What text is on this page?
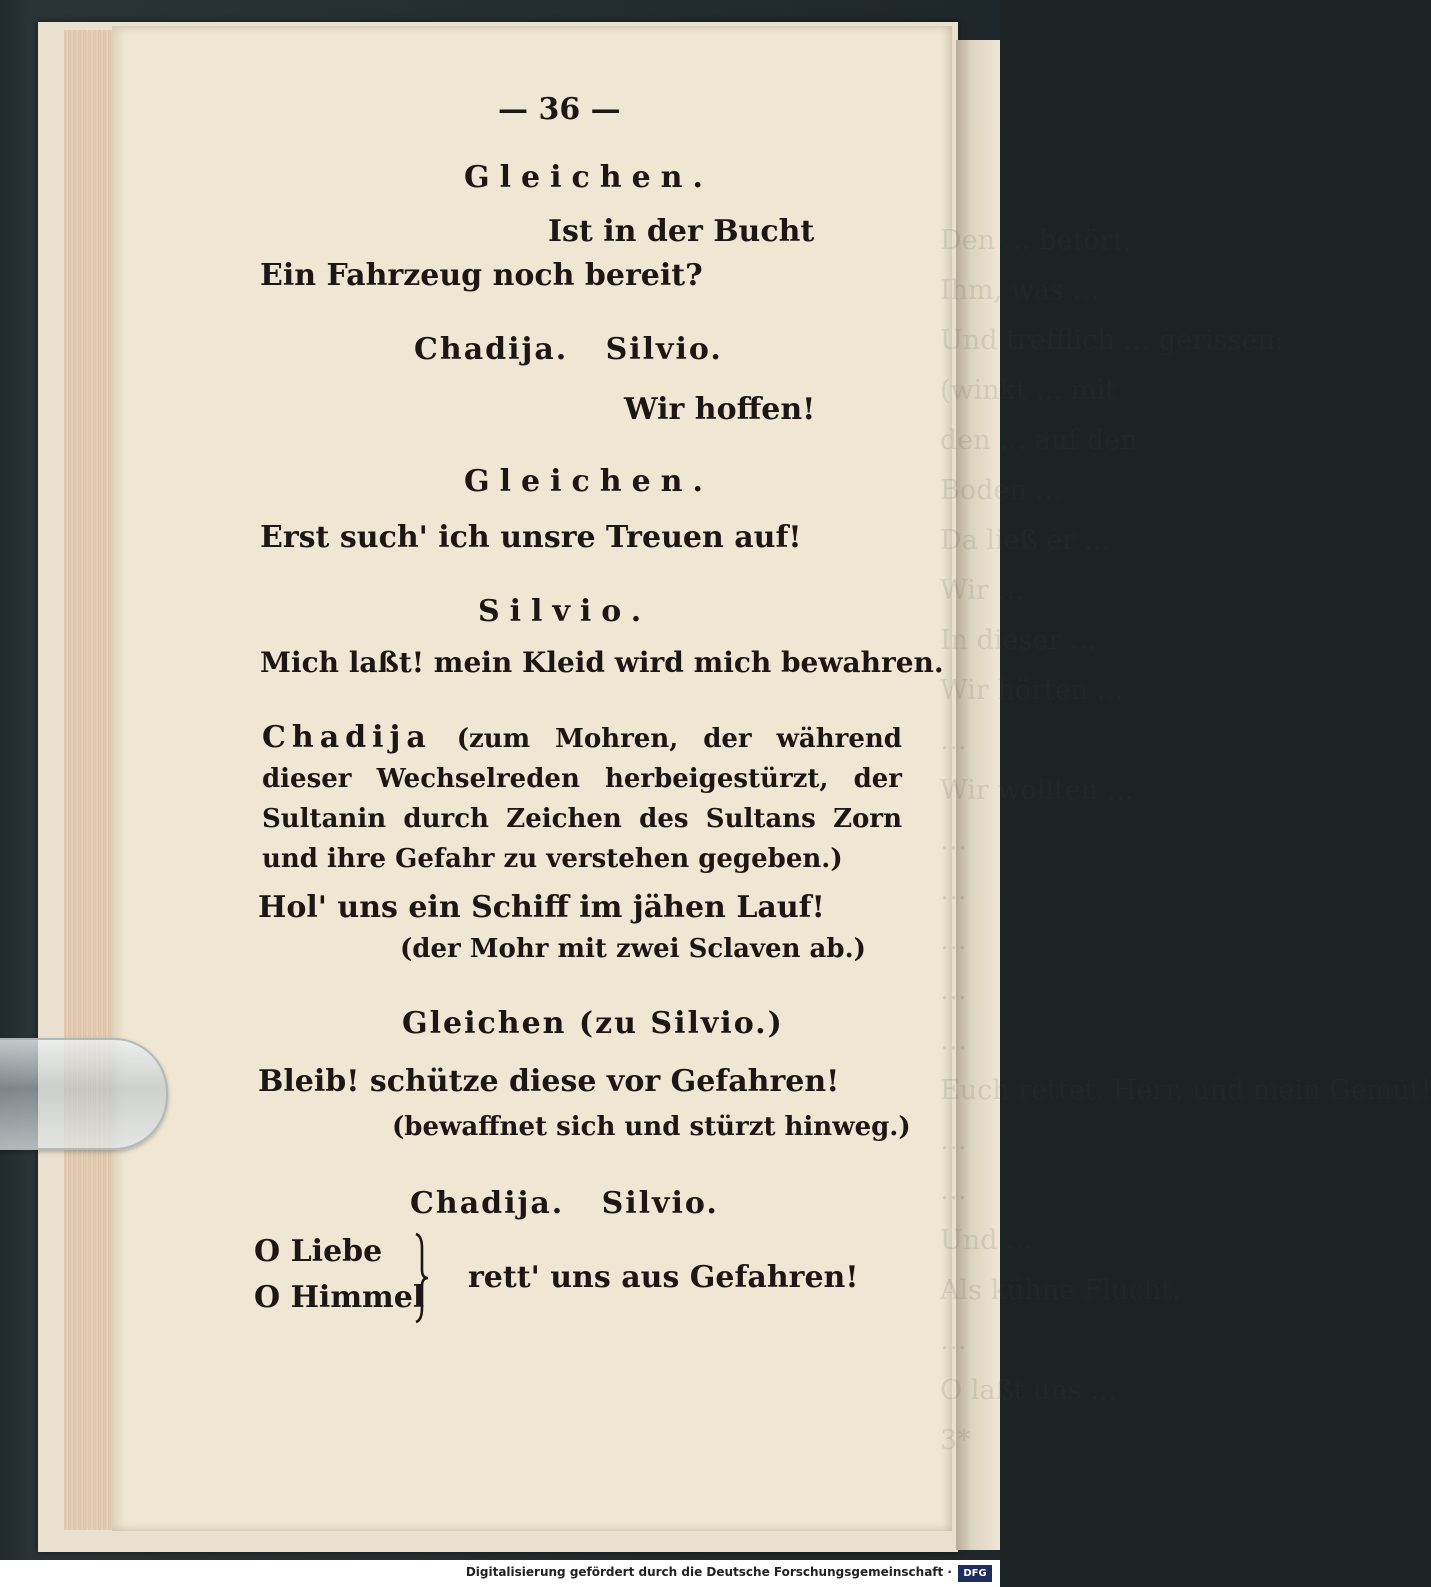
… betört,
was …
trefflich … gerissen;
… mit
… auf den
…
ließ er …
…
dieser …
hörten …

wollten …

rettet, Herr, und mein Gemüt!

…
kühne Flucht.

O  uns …

— 36 —
Gleichen.
Ist in der Bucht
Ein Fahrzeug noch bereit?
Chadija.   Silvio.
Wir hoffen!
Gleichen.
Erst such' ich unsre Treuen auf!
Silvio.
Mich laßt! mein Kleid wird mich bewahren.
Chadija (zum Mohren, der während dieser Wechselreden herbeigestürzt, der Sultanin durch Zeichen des Sultans Zorn und ihre Gefahr zu verstehen gegeben.)
Hol' uns ein Schiff im jähen Lauf!
(der Mohr mit zwei Sclaven ab.)
Gleichen (zu Silvio.)
Bleib! schütze diese vor Gefahren!
(bewaffnet sich und stürzt hinweg.)
Chadija.   Silvio.
O Liebe
O Himmel
rett' uns aus Gefahren!
Digitalisierung gefördert durch die Deutsche Forschungsgemeinschaft ·	DFG
